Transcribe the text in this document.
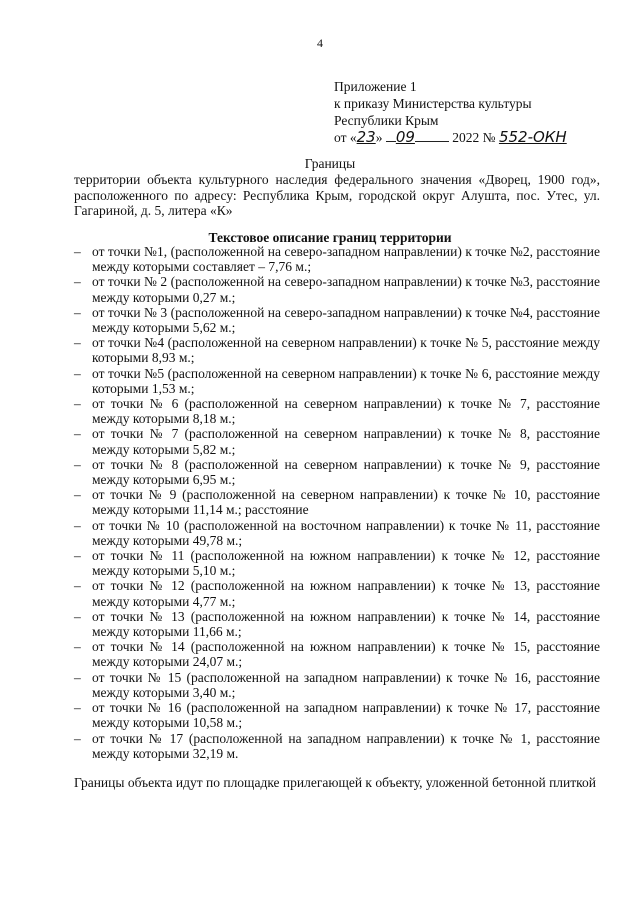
4
Приложение 1
к приказу Министерства культуры
Республики Крым
от «23» 09	2022 № 552-ОКН
Границы
территории объекта культурного наследия федерального значения «Дворец, 1900 год», расположенного по адресу: Республика Крым, городской округ Алушта, пос. Утес, ул. Гагариной, д. 5, литера «К»
Текстовое описание границ территории
– от точки №1, (расположенной на северо-западном направлении) к точке №2, расстояние между которыми составляет – 7,76 м.;
– от точки № 2 (расположенной на северо-западном направлении) к точке №3, расстояние между которыми 0,27 м.;
– от точки № 3 (расположенной на северо-западном направлении) к точке №4, расстояние между которыми 5,62 м.;
– от точки №4 (расположенной на северном направлении) к точке № 5, расстояние между которыми 8,93 м.;
– от точки №5 (расположенной на северном направлении) к точке № 6, расстояние между которыми 1,53 м.;
– от точки № 6 (расположенной на северном направлении) к точке № 7, расстояние между которыми 8,18 м.;
– от точки № 7 (расположенной на северном направлении) к точке № 8, расстояние между которыми 5,82 м.;
– от точки № 8 (расположенной на северном направлении) к точке № 9, расстояние между которыми 6,95 м.;
– от точки № 9 (расположенной на северном направлении) к точке № 10, расстояние между которыми 11,14 м.; расстояние
– от точки № 10 (расположенной на восточном направлении) к точке № 11, расстояние между которыми 49,78 м.;
– от точки № 11 (расположенной на южном направлении) к точке № 12, расстояние между которыми 5,10 м.;
– от точки № 12 (расположенной на южном направлении) к точке № 13, расстояние между которыми 4,77 м.;
– от точки № 13 (расположенной на южном направлении) к точке № 14, расстояние между которыми 11,66 м.;
– от точки № 14 (расположенной на южном направлении) к точке № 15, расстояние между которыми 24,07 м.;
– от точки № 15 (расположенной на западном направлении) к точке № 16, расстояние между которыми 3,40 м.;
– от точки № 16 (расположенной на западном направлении) к точке № 17, расстояние между которыми 10,58 м.;
– от точки № 17 (расположенной на западном направлении) к точке № 1, расстояние между которыми 32,19 м.
Границы объекта идут по площадке прилегающей к объекту, уложенной бетонной плиткой
